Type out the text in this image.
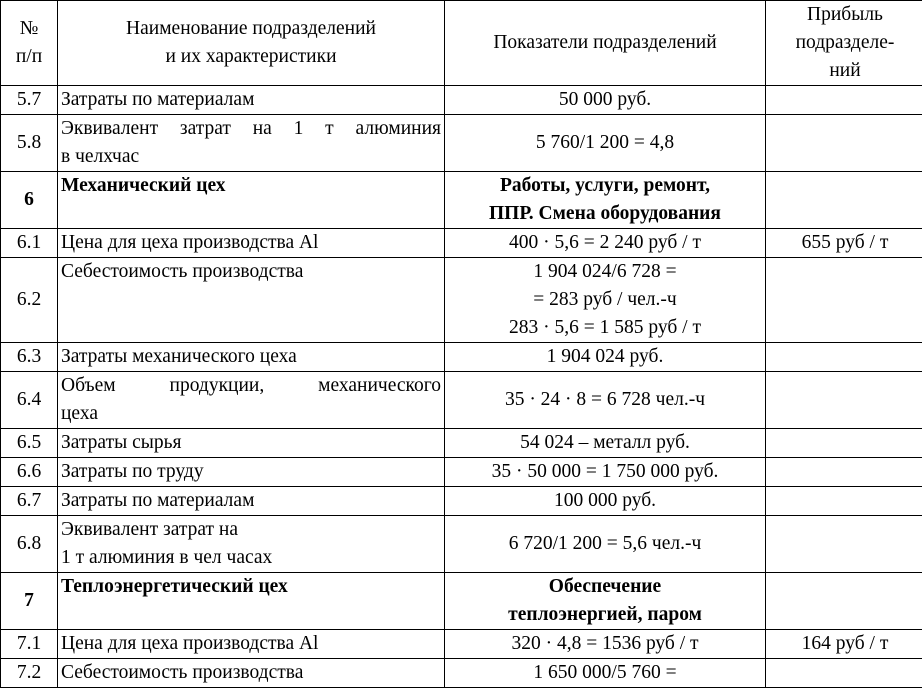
№
п/п	Наименование подразделений
и их характеристики	Показатели подразделений	Прибыль
подразделе-
ний

5.7	Затраты по материалам	50 000 руб.	

5.8	Эквивалент затрат на 1 т алюминия
в челхчас	5 760/1 200 = 4,8	

6	Механический цех	Работы, услуги, ремонт,
ППР. Смена оборудования	

6.1	Цена для цеха производства Al	400 · 5,6 = 2 240 руб / т	655 руб / т
6.2	Себестоимость производства	1 904 024/6 728 =
= 283 руб / чел.-ч
283 · 5,6 = 1 585 руб / т	

6.3	Затраты механического цеха	1 904 024 руб.	

6.4	Объем продукции, механического
цеха	35 · 24 · 8 = 6 728 чел.-ч	

6.5	Затраты сырья	54 024 – металл руб.	

6.6	Затраты по труду	35 · 50 000 = 1 750 000 руб.	

6.7	Затраты по материалам	100 000 руб.	

6.8	Эквивалент затрат на
1 т алюминия в чел часах	6 720/1 200 = 5,6 чел.-ч	

7	Теплоэнергетический цех	Обеспечение
теплоэнергией, паром	

7.1	Цена для цеха производства Al	320 · 4,8 = 1536 руб / т	164 руб / т
7.2	Себестоимость производства	1 650 000/5 760 =	
